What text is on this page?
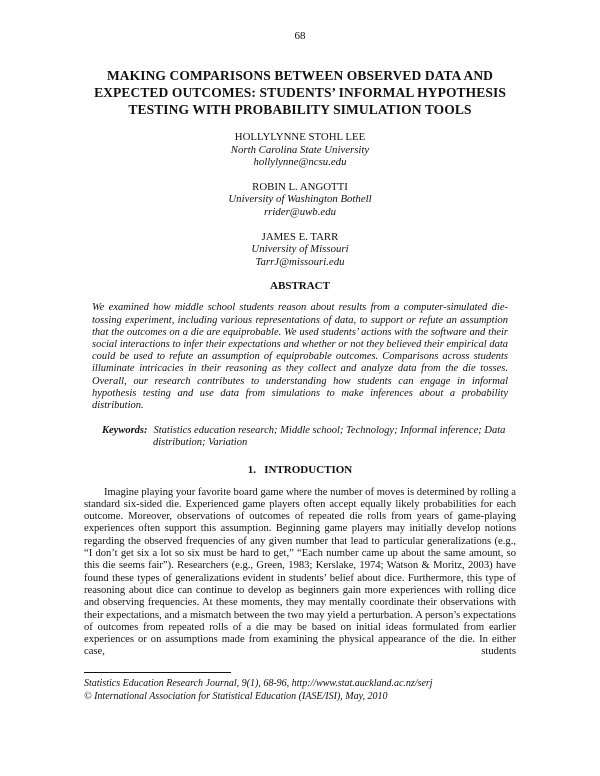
68
MAKING COMPARISONS BETWEEN OBSERVED DATA AND
EXPECTED OUTCOMES: STUDENTS’ INFORMAL HYPOTHESIS
TESTING WITH PROBABILITY SIMULATION TOOLS
HOLLYLYNNE STOHL LEE
North Carolina State University
hollylynne@ncsu.edu
ROBIN L. ANGOTTI
University of Washington Bothell
rrider@uwb.edu
JAMES E. TARR
University of Missouri
TarrJ@missouri.edu
ABSTRACT

We examined how middle school students reason about results from a computer-simulated die-tossing experiment, including various representations of data, to support or refute an assumption that the outcomes on a die are equiprobable. We used students’ actions with the software and their social interactions to infer their expectations and whether or not they believed their empirical data could be used to refute an assumption of equiprobable outcomes. Comparisons across students illuminate intricacies in their reasoning as they collect and analyze data from the die tosses. Overall, our research contributes to understanding how students can engage in informal hypothesis testing and use data from simulations to make inferences about a probability distribution.

Keywords: Statistics education research; Middle school; Technology; Informal inference; Data distribution; Variation
1.   INTRODUCTION

Imagine playing your favorite board game where the number of moves is determined by rolling a standard six-sided die. Experienced game players often accept equally likely probabilities for each outcome. Moreover, observations of outcomes of repeated die rolls from years of game-playing experiences often support this assumption. Beginning game players may initially develop notions regarding the observed frequencies of any given number that lead to particular generalizations (e.g., “I don’t get six a lot so six must be hard to get,” “Each number came up about the same amount, so this die seems fair”). Researchers (e.g., Green, 1983; Kerslake, 1974; Watson & Moritz, 2003) have found these types of generalizations evident in students’ belief about dice. Furthermore, this type of reasoning about dice can continue to develop as beginners gain more experiences with rolling dice and observing frequencies. At these moments, they may mentally coordinate their observations with their expectations, and a mismatch between the two may yield a perturbation. A person’s expectations of outcomes from repeated rolls of a die may be based on initial ideas formulated from earlier experiences or on assumptions made from examining the physical appearance of the die. In either case, students

Statistics Education Research Journal, 9(1), 68-96, http://www.stat.auckland.ac.nz/serj
© International Association for Statistical Education (IASE/ISI), May, 2010
